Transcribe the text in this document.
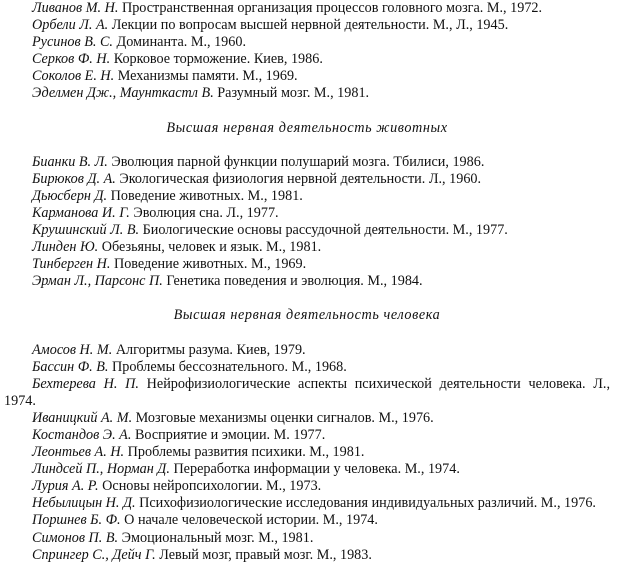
Ливанов М. Н. Пространственная организация процессов головного мозга. М., 1972.

Орбели Л. А. Лекции по вопросам высшей нервной деятельности. М., Л., 1945.

Русинов В. С. Доминанта. М., 1960.

Серков Ф. Н. Корковое торможение. Киев, 1986.

Соколов Е. Н. Механизмы памяти. М., 1969.

Эделмен Дж., Маунткастл В. Разумный мозг. М., 1981.

Высшая нервная деятельность животных

Бианки В. Л. Эволюция парной функции полушарий мозга. Тбилиси, 1986.

Бирюков Д. А. Экологическая физиология нервной деятельности. Л., 1960.

Дьюсберн Д. Поведение животных. М., 1981.

Карманова И. Г. Эволюция сна. Л., 1977.

Крушинский Л. В. Биологические основы рассудочной деятельности. М., 1977.

Линден Ю. Обезьяны, человек и язык. М., 1981.

Тинберген Н. Поведение животных. М., 1969.

Эрман Л., Парсонс П. Генетика поведения и эволюция. М., 1984.

Высшая нервная деятельность человека

Амосов Н. М. Алгоритмы разума. Киев, 1979.

Бассин Ф. В. Проблемы бессознательного. М., 1968.

Бехтерева Н. П. Нейрофизиологические аспекты психической деятельности человека. Л., 1974.

Иваницкий А. М. Мозговые механизмы оценки сигналов. М., 1976.

Костандов Э. А. Восприятие и эмоции. М. 1977.

Леонтьев А. Н. Проблемы развития психики. М., 1981.

Линдсей П., Норман Д. Переработка информации у человека. М., 1974.

Лурия А. Р. Основы нейропсихологии. М., 1973.

Небылицын Н. Д. Психофизиологические исследования индивидуальных различий. М., 1976.

Поршнев Б. Ф. О начале человеческой истории. М., 1974.

Симонов П. В. Эмоциональный мозг. М., 1981.

Спрингер С., Дейч Г. Левый мозг, правый мозг. М., 1983.
